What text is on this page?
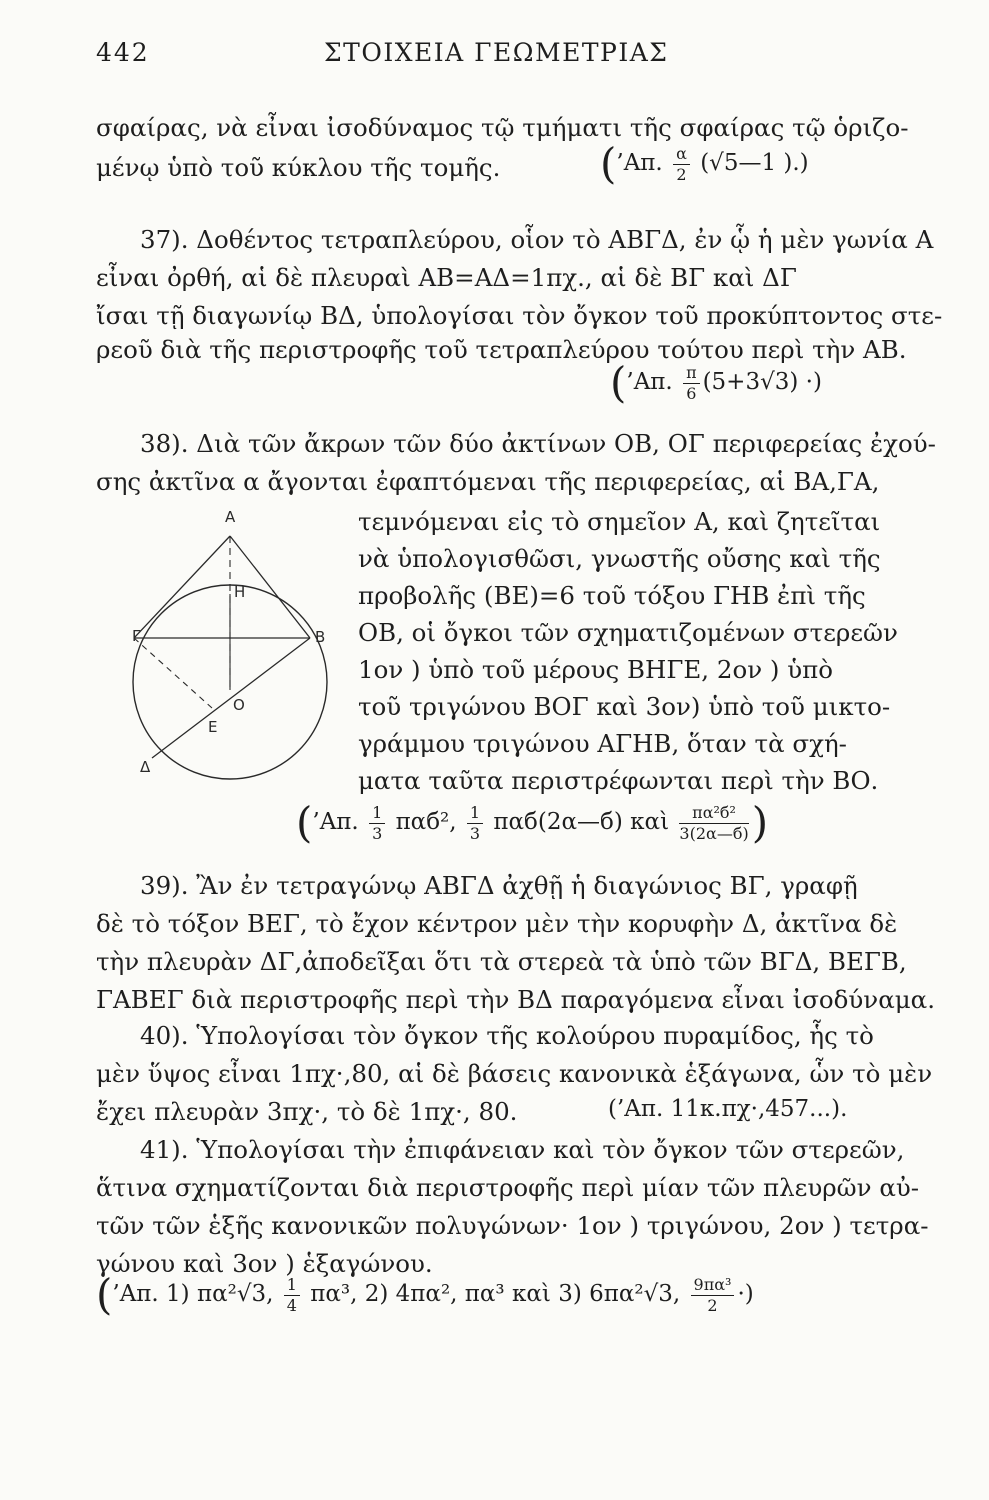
442	ΣΤΟΙΧΕΙΑ ΓΕΩΜΕΤΡΙΑΣ
σφαίρας, νὰ εἶναι ἰσοδύναμος τῷ τμήματι τῆς σφαίρας τῷ ὁριζο-
μένῳ ὑπὸ τοῦ κύκλου τῆς τομῆς.	(’Απ. $\frac{\alpha}{2}$ (√5—1 ).)
37). Δοθέντος τετραπλεύρου, οἷον τὸ ΑΒΓΔ, ἐν ᾧ ἡ μὲν γωνία Α
εἶναι ὀρθή, αἱ δὲ πλευραὶ ΑΒ=ΑΔ=1πχ., αἱ δὲ ΒΓ καὶ ΔΓ
ἴσαι τῇ διαγωνίῳ ΒΔ, ὑπολογίσαι τὸν ὄγκον τοῦ προκύπτοντος στε-
ρεοῦ διὰ τῆς περιστροφῆς τοῦ τετραπλεύρου τούτου περὶ τὴν ΑΒ.
(’Απ. $\frac{\pi}{6} (5+3√3)$ ·)
38). Διὰ τῶν ἄκρων τῶν δύο ἀκτίνων ΟΒ, ΟΓ περιφερείας ἐχού-
σης ἀκτῖνα α ἄγονται ἐφαπτόμεναι τῆς περιφερείας, αἱ ΒΑ,ΓΑ,
τεμνόμεναι εἰς τὸ σημεῖον Α, καὶ ζητεῖται
νὰ ὑπολογισθῶσι, γνωστῆς οὔσης καὶ τῆς
προβολῆς (ΒΕ)=6 τοῦ τόξου ΓΗΒ ἐπὶ τῆς
ΟΒ, οἱ ὄγκοι τῶν σχηματιζομένων στερεῶν
1ον ) ὑπὸ τοῦ μέρους ΒΗΓΕ, 2ον ) ὑπὸ
τοῦ τριγώνου ΒΟΓ καὶ 3ον) ὑπὸ τοῦ μικτο-
γράμμου τριγώνου ΑΓΗΒ, ὅταν τὰ σχή-
ματα ταῦτα περιστρέφωνται περὶ τὴν ΒΟ.
A
H
Γ	B
O
E
Δ
(’Απ. $\frac{1}{3} \pi\alpha б^2$, $\frac{1}{3}$ παб(2α—б) καὶ $\frac{\text{πα²б²}}{3(2\alpha—б)}$ )
39). Ἂν ἐν τετραγώνῳ ΑΒΓΔ ἀχθῇ ἡ διαγώνιος ΒΓ, γραφῇ
δὲ τὸ τόξον ΒΕΓ, τὸ ἔχον κέντρον μὲν τὴν κορυφὴν Δ, ἀκτῖνα δὲ
τὴν πλευρὰν ΔΓ,ἀποδεῖξαι ὅτι τὰ στερεὰ τὰ ὑπὸ τῶν ΒΓΔ, ΒΕΓΒ,
ΓΑΒΕΓ διὰ περιστροφῆς περὶ τὴν ΒΔ παραγόμενα εἶναι ἰσοδύναμα.
40). Ὑπολογίσαι τὸν ὄγκον τῆς κολούρου πυραμίδος, ἧς τὸ
μὲν ὕψος εἶναι 1πχ·,80, αἱ δὲ βάσεις κανονικὰ ἑξάγωνα, ὧν τὸ μὲν
ἔχει πλευρὰν 3πχ·, τὸ δὲ 1πχ·, 80.	(’Απ. 11κ.πχ·,457...).
41). Ὑπολογίσαι τὴν ἐπιφάνειαν καὶ τὸν ὄγκον τῶν στερεῶν,
ἅτινα σχηματίζονται διὰ περιστροφῆς περὶ μίαν τῶν πλευρῶν αὐ-
τῶν τῶν ἑξῆς κανονικῶν πολυγώνων· 1ον ) τριγώνου, 2ον ) τετρα-
γώνου καὶ 3ον ) ἑξαγώνου.
(’Απ. 1) πα²√3, $\frac{1}{4} \pi\alpha^3$, 2) 4πα², πα³ καὶ 3) 6πα²√3, $\frac{\text{9πα³}}{2}$ ·)
